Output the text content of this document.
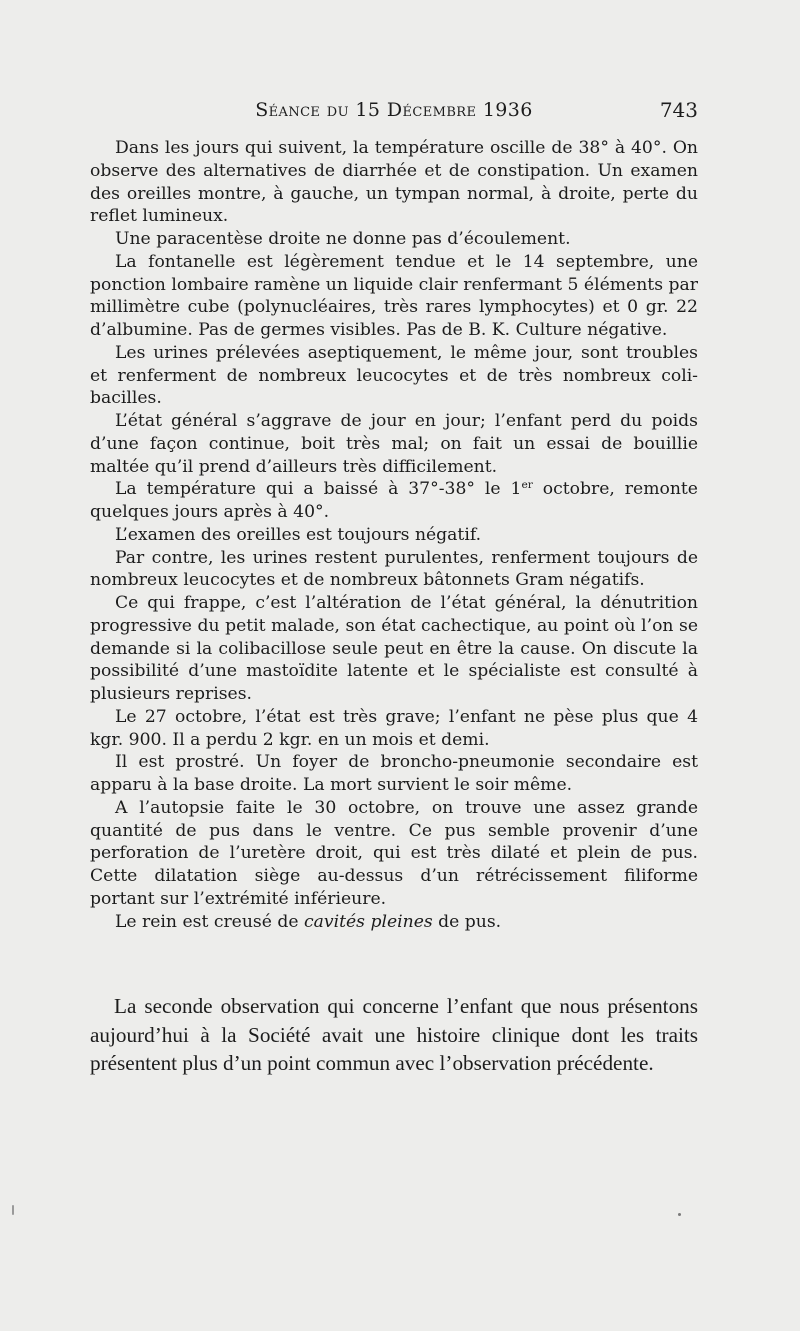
Séance du 15 Décembre 1936	743

Dans les jours qui suivent, la température oscille de 38° à 40°. On observe des alternatives de diarrhée et de constipation. Un examen des oreilles montre, à gauche, un tympan normal, à droite, perte du reflet lumineux.

Une paracentèse droite ne donne pas d’écoulement.

La fontanelle est légèrement tendue et le 14 septembre, une ponction lombaire ramène un liquide clair renfermant 5 éléments par millimètre cube (polynucléaires, très rares lymphocytes) et 0 gr. 22 d’albumine. Pas de germes visibles. Pas de B. K. Culture négative.

Les urines prélevées aseptiquement, le même jour, sont troubles et renferment de nombreux leucocytes et de très nombreux coli-bacilles.

L’état général s’aggrave de jour en jour; l’enfant perd du poids d’une façon continue, boit très mal; on fait un essai de bouillie maltée qu’il prend d’ailleurs très difficilement.

La température qui a baissé à 37°-38° le 1er octobre, remonte quelques jours après à 40°.

L’examen des oreilles est toujours négatif.

Par contre, les urines restent purulentes, renferment toujours de nombreux leucocytes et de nombreux bâtonnets Gram négatifs.

Ce qui frappe, c’est l’altération de l’état général, la dénutrition progressive du petit malade, son état cachectique, au point où l’on se demande si la colibacillose seule peut en être la cause. On discute la possibilité d’une mastoïdite latente et le spécialiste est consulté à plusieurs reprises.

Le 27 octobre, l’état est très grave; l’enfant ne pèse plus que 4 kgr. 900. Il a perdu 2 kgr. en un mois et demi.

Il est prostré. Un foyer de broncho-pneumonie secondaire est apparu à la base droite. La mort survient le soir même.

A l’autopsie faite le 30 octobre, on trouve une assez grande quantité de pus dans le ventre. Ce pus semble provenir d’une perforation de l’uretère droit, qui est très dilaté et plein de pus. Cette dilatation siège au-dessus d’un rétrécissement filiforme portant sur l’extrémité inférieure.

Le rein est creusé de cavités pleines de pus.

La seconde observation qui concerne l’enfant que nous présentons aujourd’hui à la Société avait une histoire clinique dont les traits présentent plus d’un point commun avec l’observation précédente.
